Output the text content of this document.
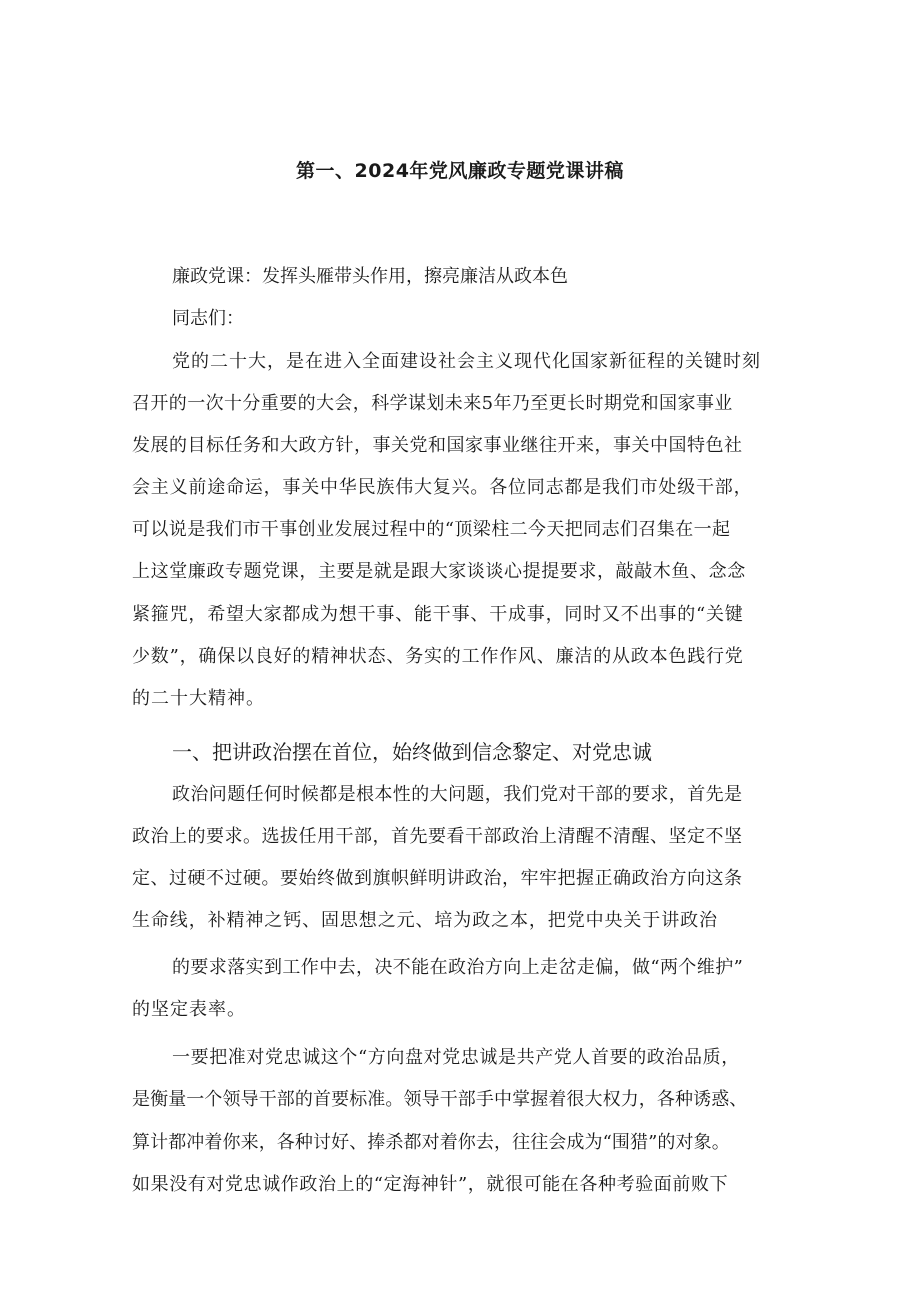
第一、2024年党风廉政专题党课讲稿
廉政党课：发挥头雁带头作用，擦亮廉洁从政本色
同志们：
党的二十大，是在进入全面建设社会主义现代化国家新征程的关键时刻
召开的一次十分重要的大会，科学谋划未来5年乃至更长时期党和国家事业
发展的目标任务和大政方针，事关党和国家事业继往开来，事关中国特色社
会主义前途命运，事关中华民族伟大复兴。各位同志都是我们市处级干部，
可以说是我们市干事创业发展过程中的“顶梁柱二今天把同志们召集在一起
上这堂廉政专题党课，主要是就是跟大家谈谈心提提要求，敲敲木鱼、念念
紧箍咒，希望大家都成为想干事、能干事、干成事，同时又不出事的“关键
少数”，确保以良好的精神状态、务实的工作作风、廉洁的从政本色践行党
的二十大精神。
一、把讲政治摆在首位，始终做到信念黎定、对党忠诚
政治问题任何时候都是根本性的大问题，我们党对干部的要求，首先是
政治上的要求。选拔任用干部，首先要看干部政治上清醒不清醒、坚定不坚
定、过硬不过硬。要始终做到旗帜鲜明讲政治，牢牢把握正确政治方向这条
生命线，补精神之钙、固思想之元、培为政之本，把党中央关于讲政治
的要求落实到工作中去，决不能在政治方向上走岔走偏，做“两个维护”
的坚定表率。
一要把准对党忠诚这个“方向盘对党忠诚是共产党人首要的政治品质，
是衡量一个领导干部的首要标准。领导干部手中掌握着很大权力，各种诱惑、
算计都冲着你来，各种讨好、捧杀都对着你去，往往会成为“围猎”的对象。
如果没有对党忠诚作政治上的“定海神针”，就很可能在各种考验面前败下
